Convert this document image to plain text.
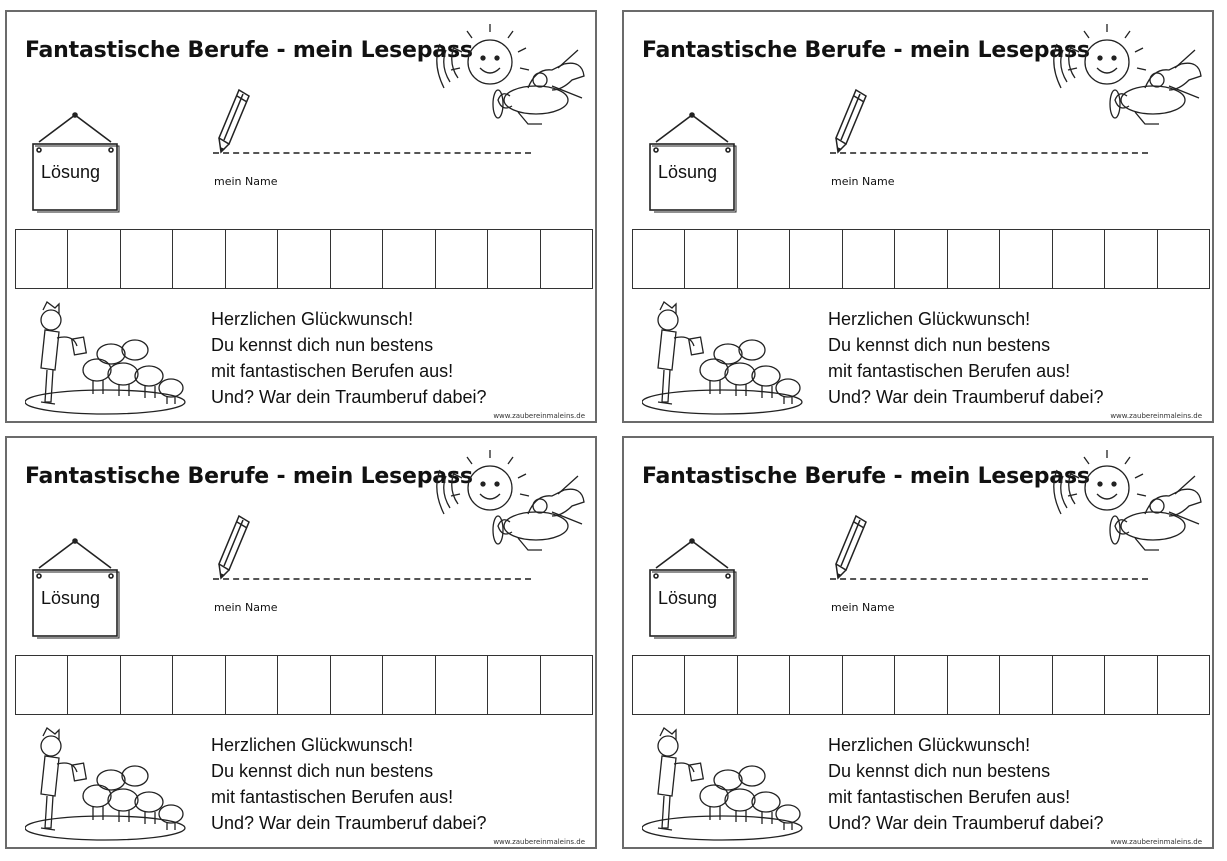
Fantastische Berufe - mein Lesepass
mein Name
Lösung
Herzlichen Glückwunsch!
Du kennst dich nun bestens
mit fantastischen Berufen aus!
Und? War dein Traumberuf dabei?
www.zaubereinmaleins.de
Fantastische Berufe - mein Lesepass
mein Name
Lösung
Herzlichen Glückwunsch!
Du kennst dich nun bestens
mit fantastischen Berufen aus!
Und? War dein Traumberuf dabei?
www.zaubereinmaleins.de
Fantastische Berufe - mein Lesepass
mein Name
Lösung
Herzlichen Glückwunsch!
Du kennst dich nun bestens
mit fantastischen Berufen aus!
Und? War dein Traumberuf dabei?
www.zaubereinmaleins.de
Fantastische Berufe - mein Lesepass
mein Name
Lösung
Herzlichen Glückwunsch!
Du kennst dich nun bestens
mit fantastischen Berufen aus!
Und? War dein Traumberuf dabei?
www.zaubereinmaleins.de
